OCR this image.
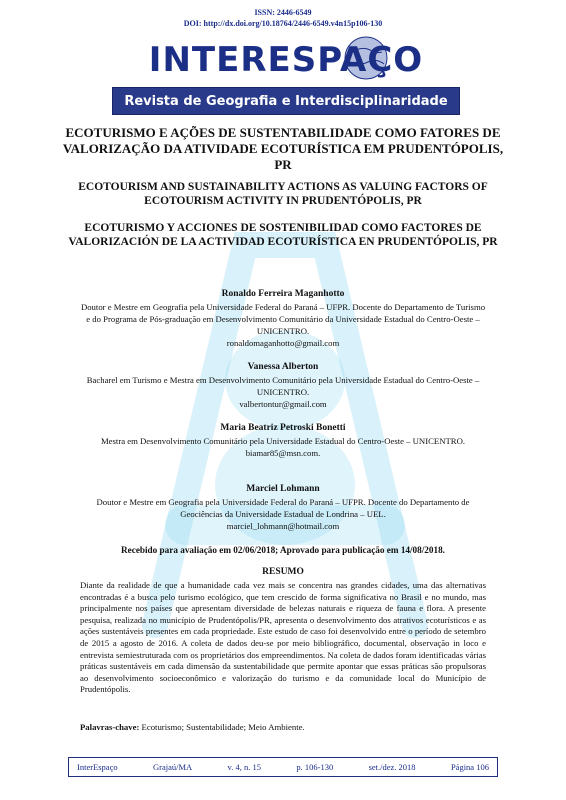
ISSN: 2446-6549
DOI: http://dx.doi.org/10.18764/2446-6549.v4n15p106-130
INTERESPAÇO
Revista de Geografia e Interdisciplinaridade
ECOTURISMO E AÇÕES DE SUSTENTABILIDADE COMO FATORES DE VALORIZAÇÃO DA ATIVIDADE ECOTURÍSTICA EM PRUDENTÓPOLIS, PR
ECOTOURISM AND SUSTAINABILITY ACTIONS AS VALUING FACTORS OF ECOTOURISM ACTIVITY IN PRUDENTÓPOLIS, PR
ECOTURISMO Y ACCIONES DE SOSTENIBILIDAD COMO FACTORES DE VALORIZACIÓN DE LA ACTIVIDAD ECOTURÍSTICA EN PRUDENTÓPOLIS, PR
Ronaldo Ferreira Maganhotto
Doutor e Mestre em Geografia pela Universidade Federal do Paraná – UFPR. Docente do Departamento de Turismo e do Programa de Pós-graduação em Desenvolvimento Comunitário da Universidade Estadual do Centro-Oeste – UNICENTRO.
ronaldomaganhotto@gmail.com
Vanessa Alberton
Bacharel em Turismo e Mestra em Desenvolvimento Comunitário pela Universidade Estadual do Centro-Oeste – UNICENTRO.
valbertontur@gmail.com
Maria Beatriz Petroski Bonetti
Mestra em Desenvolvimento Comunitário pela Universidade Estadual do Centro-Oeste – UNICENTRO.
biamar85@msn.com.
Marciel Lohmann
Doutor e Mestre em Geografia pela Universidade Federal do Paraná – UFPR. Docente do Departamento de Geociências da Universidade Estadual de Londrina – UEL.
marciel_lohmann@hotmail.com
Recebido para avaliação em 02/06/2018; Aprovado para publicação em 14/08/2018.
RESUMO
Diante da realidade de que a humanidade cada vez mais se concentra nas grandes cidades, uma das alternativas encontradas é a busca pelo turismo ecológico, que tem crescido de forma significativa no Brasil e no mundo, mas principalmente nos países que apresentam diversidade de belezas naturais e riqueza de fauna e flora. A presente pesquisa, realizada no município de Prudentópolis/PR, apresenta o desenvolvimento dos atrativos ecoturísticos e as ações sustentáveis presentes em cada propriedade. Este estudo de caso foi desenvolvido entre o período de setembro de 2015 a agosto de 2016. A coleta de dados deu-se por meio bibliográfico, documental, observação in loco e entrevista semiestruturada com os proprietários dos empreendimentos. Na coleta de dados foram identificadas várias práticas sustentáveis em cada dimensão da sustentabilidade que permite apontar que essas práticas são propulsoras ao desenvolvimento socioeconômico e valorização do turismo e da comunidade local do Município de Prudentópolis.
Palavras-chave: Ecoturismo; Sustentabilidade; Meio Ambiente.
InterEspaço	Grajaú/MA	v. 4, n. 15	p. 106-130	set./dez. 2018	Página 106
